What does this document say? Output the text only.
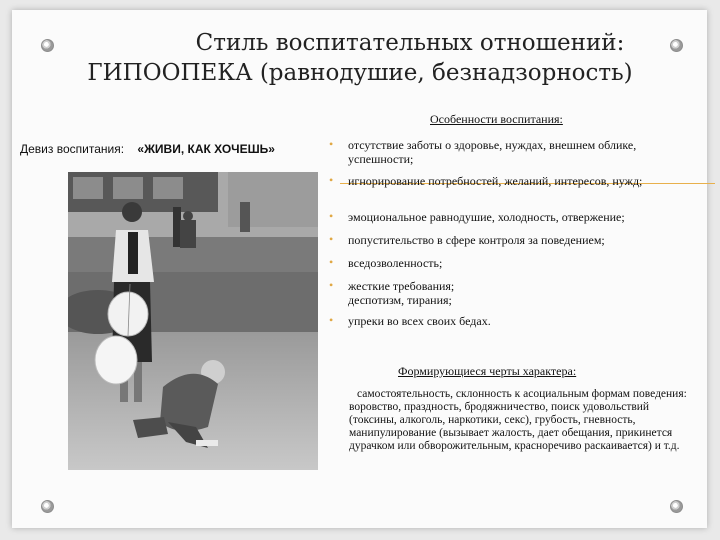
Стиль воспитательных отношений:
ГИПООПЕКА (равнодушие, безнадзорность)
Девиз воспитания: «ЖИВИ, КАК ХОЧЕШЬ»
Особенности воспитания:
• отсутствие заботы о здоровье, нуждах, внешнем облике, успешности;
• игнорирование потребностей, желаний, интересов, нужд;
• эмоциональное равнодушие, холодность, отвержение;
• попустительство в сфере контроля за поведением;
• вседозволенность;
• жесткие требования; деспотизм, тирания;
• упреки во всех своих бедах.
Формирующиеся черты характера:
самостоятельность, склонность к асоциальным формам поведения: воровство, праздность, бродяжничество, поиск удовольствий (токсины, алкоголь, наркотики, секс), грубость, гневность, манипулирование (вызывает жалость, дает обещания, прикинется дурачком или обворожительным, красноречиво раскаивается) и т.д.
